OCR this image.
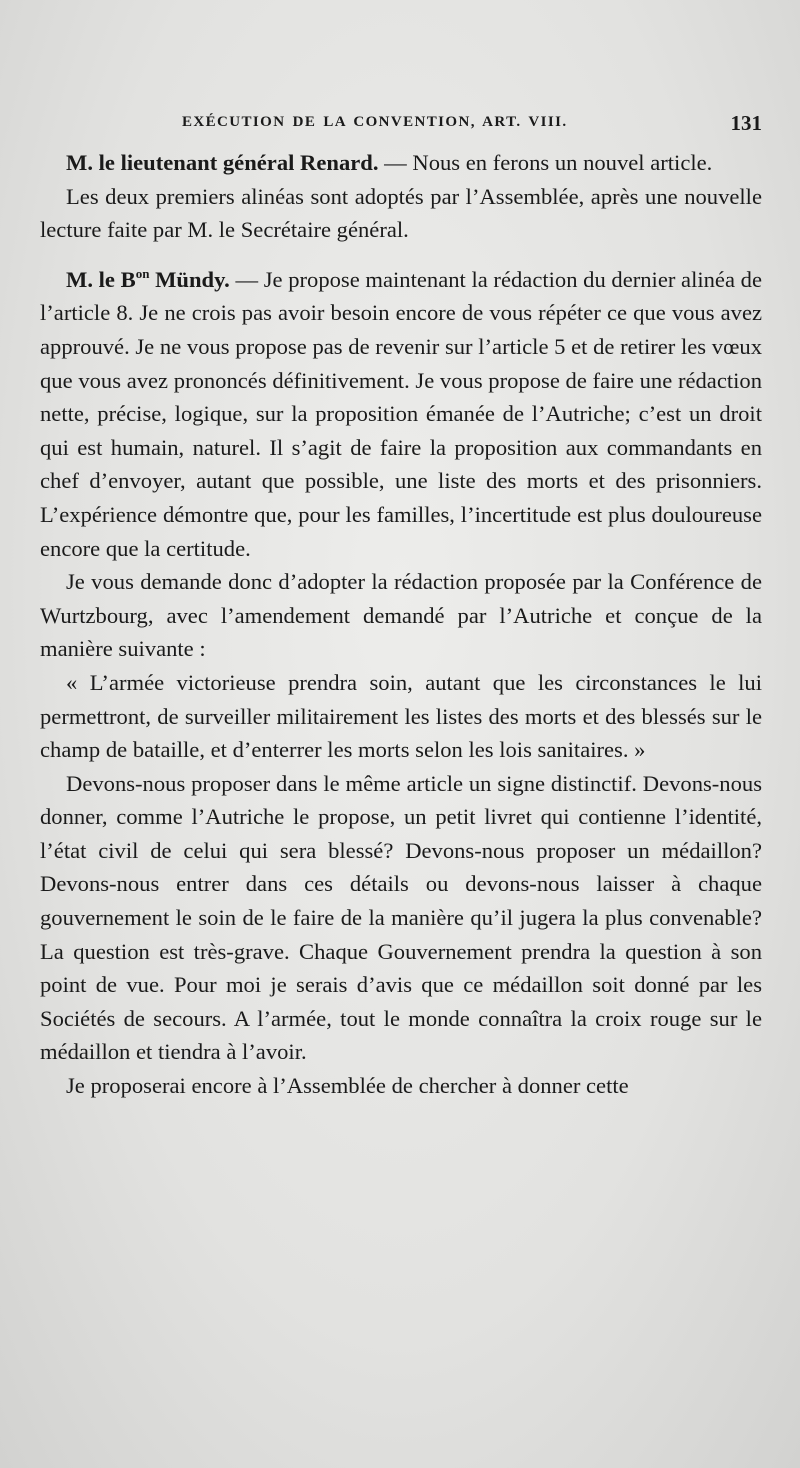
EXÉCUTION DE LA CONVENTION, ART. VIII.	131

M. le lieutenant général Renard. — Nous en ferons un nouvel article.

Les deux premiers alinéas sont adoptés par l’Assemblée, après une nouvelle lecture faite par M. le Secrétaire général.

M. le $B^{on}$ Mündy. — Je propose maintenant la rédaction du dernier alinéa de l’article 8. Je ne crois pas avoir besoin encore de vous répéter ce que vous avez approuvé. Je ne vous propose pas de revenir sur l’article 5 et de retirer les vœux que vous avez prononcés définitivement. Je vous propose de faire une rédaction nette, précise, logique, sur la proposition émanée de l’Autriche; c’est un droit qui est humain, naturel. Il s’agit de faire la proposition aux commandants en chef d’envoyer, autant que possible, une liste des morts et des prisonniers. L’expérience démontre que, pour les familles, l’incertitude est plus douloureuse encore que la certitude.

Je vous demande donc d’adopter la rédaction proposée par la Conférence de Wurtzbourg, avec l’amendement demandé par l’Autriche et conçue de la manière suivante :

« L’armée victorieuse prendra soin, autant que les circonstances le lui permettront, de surveiller militairement les listes des morts et des blessés sur le champ de bataille, et d’enterrer les morts selon les lois sanitaires. »

Devons-nous proposer dans le même article un signe distinctif. Devons-nous donner, comme l’Autriche le propose, un petit livret qui contienne l’identité, l’état civil de celui qui sera blessé? Devons-nous proposer un médaillon? Devons-nous entrer dans ces détails ou devons-nous laisser à chaque gouvernement le soin de le faire de la manière qu’il jugera la plus convenable? La question est très-grave. Chaque Gouvernement prendra la question à son point de vue. Pour moi je serais d’avis que ce médaillon soit donné par les Sociétés de secours. A l’armée, tout le monde connaîtra la croix rouge sur le médaillon et tiendra à l’avoir.

Je proposerai encore à l’Assemblée de chercher à donner cette
